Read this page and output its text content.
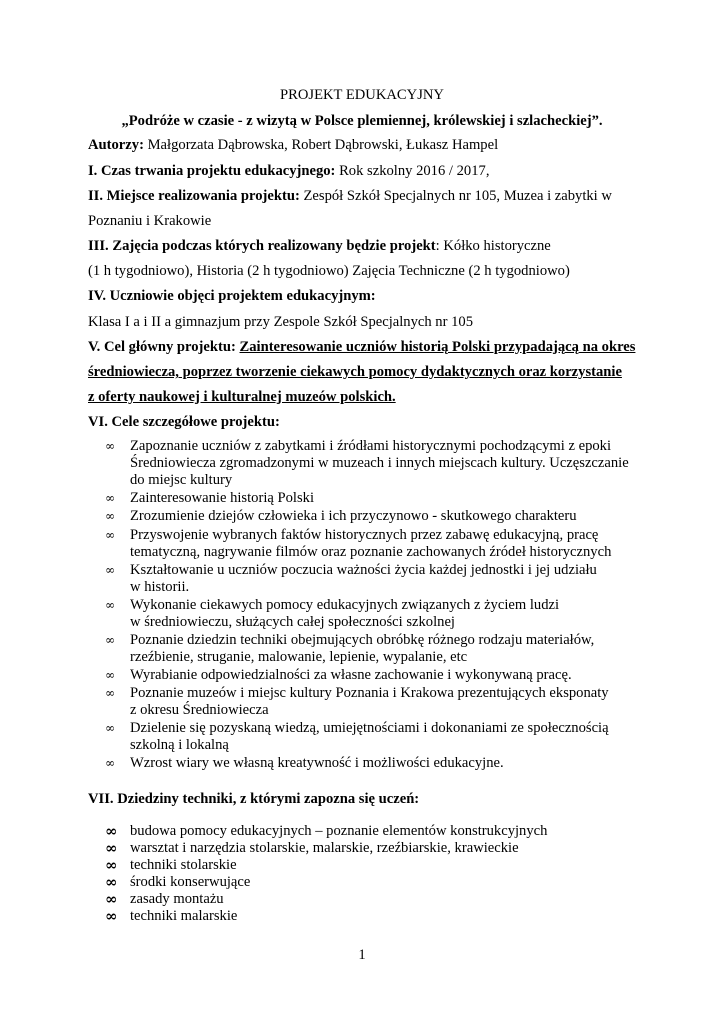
PROJEKT EDUKACYJNY
„Podróże w czasie - z wizytą w Polsce plemiennej, królewskiej i szlacheckiej”.
Autorzy: Małgorzata Dąbrowska, Robert Dąbrowski, Łukasz Hampel
I. Czas trwania projektu edukacyjnego: Rok szkolny 2016 / 2017,
II. Miejsce realizowania projektu: Zespół Szkół Specjalnych nr 105, Muzea i zabytki w
Poznaniu i Krakowie
III. Zajęcia podczas których realizowany będzie projekt: Kółko historyczne
(1 h tygodniowo), Historia (2 h tygodniowo) Zajęcia Techniczne (2 h tygodniowo)
IV. Uczniowie objęci projektem edukacyjnym:
Klasa I a i II a gimnazjum przy Zespole Szkół Specjalnych nr 105
V. Cel główny projektu: Zainteresowanie uczniów historią Polski przypadającą na okres
średniowiecza, poprzez tworzenie ciekawych pomocy dydaktycznych oraz korzystanie
z oferty naukowej i kulturalnej muzeów polskich.
VI. Cele szczegółowe projektu:
∞	Zapoznanie uczniów z zabytkami i źródłami historycznymi pochodzącymi z epoki
Średniowiecza zgromadzonymi w muzeach i innych miejscach kultury. Uczęszczanie
do miejsc kultury
∞	Zainteresowanie historią Polski
∞	Zrozumienie dziejów człowieka i ich przyczynowo - skutkowego charakteru
∞	Przyswojenie wybranych faktów historycznych przez zabawę edukacyjną, pracę
tematyczną, nagrywanie filmów oraz poznanie zachowanych źródeł historycznych
∞	Kształtowanie u uczniów poczucia ważności życia każdej jednostki i jej udziału
w historii.
∞	Wykonanie ciekawych pomocy edukacyjnych związanych z życiem ludzi
w średniowieczu, służących całej społeczności szkolnej
∞	Poznanie dziedzin techniki obejmujących obróbkę różnego rodzaju materiałów,
rzeźbienie, struganie, malowanie, lepienie, wypalanie, etc
∞	Wyrabianie odpowiedzialności za własne zachowanie i wykonywaną pracę.
∞	Poznanie muzeów i miejsc kultury Poznania i Krakowa prezentujących eksponaty
z okresu Średniowiecza
∞	Dzielenie się pozyskaną wiedzą, umiejętnościami i dokonaniami ze społecznością
szkolną i lokalną
∞	Wzrost wiary we własną kreatywność i możliwości edukacyjne.
VII. Dziedziny techniki, z którymi zapozna się uczeń:
∞ budowa pomocy edukacyjnych – poznanie elementów konstrukcyjnych
∞ warsztat i narzędzia stolarskie, malarskie, rzeźbiarskie, krawieckie
∞ techniki stolarskie
∞ środki konserwujące
∞ zasady montażu
∞ techniki malarskie
1
